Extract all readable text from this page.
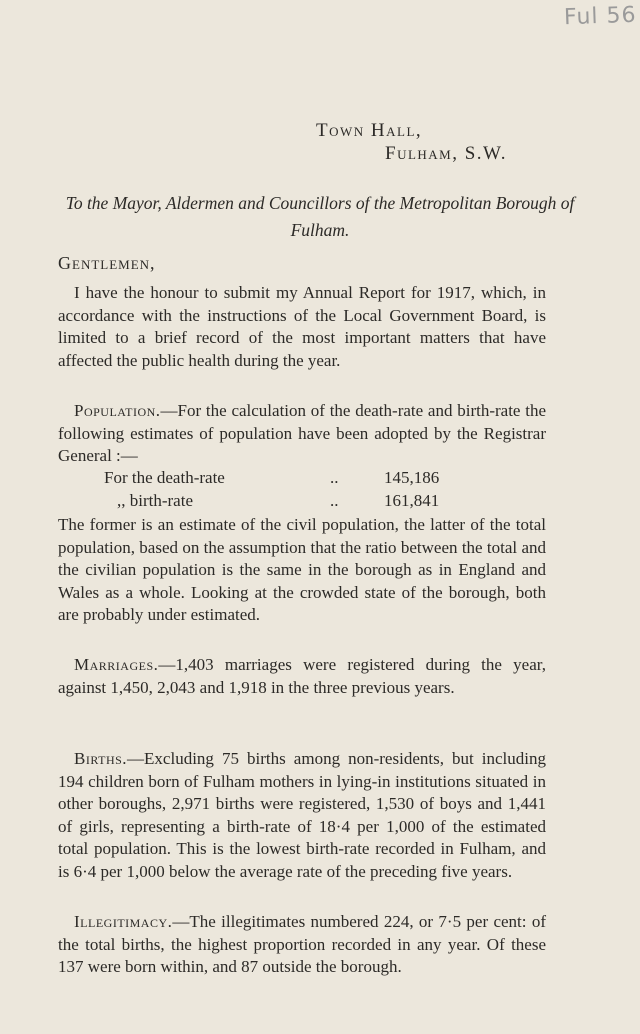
Ful 56
Town Hall,
Fulham, S.W.
To the Mayor, Aldermen and Councillors of the Metropolitan Borough of Fulham.
Gentlemen,

I have the honour to submit my Annual Report for 1917, which, in accordance with the instructions of the Local Government Board, is limited to a brief record of the most important matters that have affected the public health during the year.

Population.—For the calculation of the death-rate and birth-rate the following estimates of population have been adopted by the Registrar General :—

For the death-rate	..	145,186
,, birth-rate	..	161,841

The former is an estimate of the civil population, the latter of the total population, based on the assumption that the ratio between the total and the civilian population is the same in the borough as in England and Wales as a whole. Looking at the crowded state of the borough, both are probably under estimated.

Marriages.—1,403 marriages were registered during the year, against 1,450, 2,043 and 1,918 in the three previous years.

Births.—Excluding 75 births among non-residents, but including 194 children born of Fulham mothers in lying-in institutions situated in other boroughs, 2,971 births were registered, 1,530 of boys and 1,441 of girls, representing a birth-rate of 18·4 per 1,000 of the estimated total population. This is the lowest birth-rate recorded in Fulham, and is 6·4 per 1,000 below the average rate of the preceding five years.

Illegitimacy.—The illegitimates numbered 224, or 7·5 per cent: of the total births, the highest proportion recorded in any year. Of these 137 were born within, and 87 outside the borough.
